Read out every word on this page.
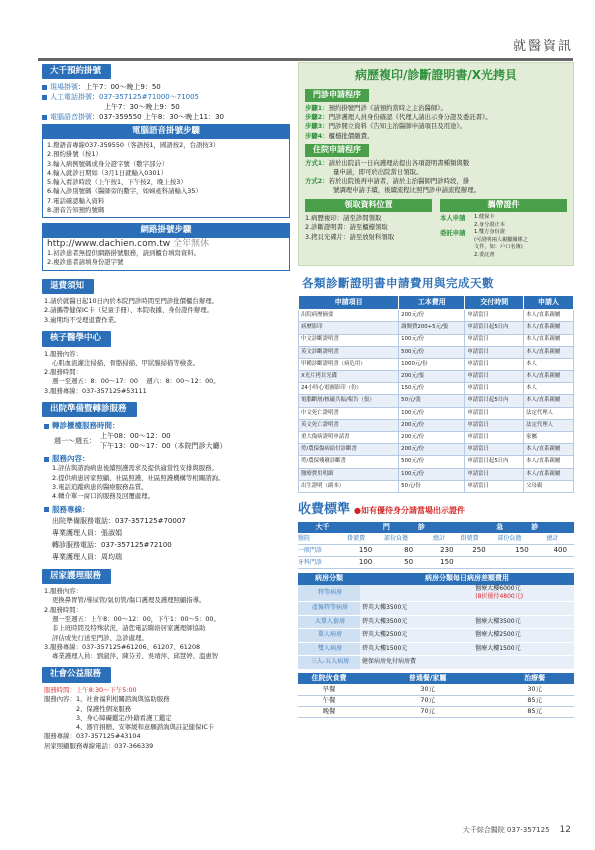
就醫資訊
大千預約掛號
現場掛號：上午7：00～晚上9：50
人工電話掛號：037-357125#71000～71005
上午7：30～晚上9：50
電腦語音掛號：037-359550 上午8：30～晚上11：30
電腦語音掛號步驟
1.撥語音專線037-359550（客語按1，國語按2，台語按3）
2.預約掛號（按1）
3.輸入病例號碼或身分證字號（數字部分）
4.輸入就診日期如（3月1日就輸入0301）
5.輸入看診時段（上午按1，下午按2，晚上按3）
6.輸入診別號碼（醫師旁的數字，如婦產科請輸入35）
7.電話確認輸入資料
8.語音告知預約號碼
網路掛號步驟
http://www.dachien.com.tw 全年無休
1.初診患者無提供網路掛號服務，請到櫃台填寫資料。
2.複診患者請填身份證字號
退費須知
1.請於就醫日起10日內於本院門診時間至門診批價櫃台辦理。
2.請攜帶健保IC卡（兒童手冊）、本院收據、身份證件辦理。
3.逾期均不受理退費作業。
核子醫學中心
1.服務內容：
心肌血流灌注掃描、骨骼掃描、甲狀腺掃描等檢查。
2.服務時間：
週一至週五：8：00～17：00　 週六：8：00～12：00。
3.服務專線：037-357125#53111
出院準備暨轉診服務
轉診櫃檯服務時間：
週一～週五：
上午08：00～12：00
下午13：00～17：00（本院門診大廳）
服務內容：
1.評估與諮詢病患後續照護需求及提供適當性安排與服務。
2.提供病患居家照顧、社區照護、社區照護機構等相關諮詢。
3.電話追蹤病患的醫療服務品質。
4.轉介單一窗口的服務及回覆處理。
服務專線：
出院準備服務電話：037-357125#70007
專業護理人員：張淑娟
轉診服務電話：037-357125#72100
專業護理人員：周均瑞
居家護理服務
1.服務內容：
更換鼻胃管/導尿管/氣切管/傷口護理及護理照顧指導。
2.服務時間：
週一至週五：上午8：00～12：00，下午1：00～5：00。
非上班時間及特殊狀況，請您電話聯絡居家護理師協助
評估或先行送至門診、急診處理。
3.服務專線：037-357125#61206、61207、61208
專業護理人員：劉淑萍、陳芬芳、吳靖萍、邱慧婷、溫惠智
社會公益服務
服務時間：上午8:30～下午5:00
服務內容：1、社會福利相關諮詢與協助服務
　　　　　2、保護性個案服務
　　　　　3、身心障礙鑑定/外籍看護工鑑定
　　　　　4、器官捐贈、安寧緩和意願諮詢與註記健保IC卡
服務專線：037-357125#43104
居家照顧服務專線電話：037-366339
病歷複印/診斷證明書/X光拷貝
門診申請程序
步驟1：預約掛號門診《請預約當時之主治醫師》。
步驟2：門診護理人員身份確認《代理人請出示身分證及委託書》。
步驟3：門診開立資料《告知主治醫師申請項目及用途》。
步驟4：櫃檯批價繳費。
住院申請程序
方式1：請於出院前一日向護理站提出各項證明書種類與數
量申請，即可於出院當日領取。
方式2：若於出院後再申請者，請於主治醫師門診時段，掛
號調理申請手續，後續流程比照門診申請流程辦理。
領取資料位置
1.病歷複印：請至診間領取
2.診斷證明書：請至櫃檯領取
3.拷貝光碟片：請至放射科領取
攜帶證件
本人申請	1.健保卡
2.身分證正本
委託申請	1.雙方身份證
(可證明兩人親屬關係之
文件，如：戶口名簿)
2.委託書
各類診斷證明書申請費用與完成天數
申請項目	工本費用	交付時間	申請人
出院病歷摘要	200元/份	申請當日	本人/直系親屬
病歷影印	調閱費200+5元/張	申請當日起5日內	本人/直系親屬
中文診斷證明書	100元/份	申請當日	本人/直系親屬
英文診斷證明書	500元/份	申請當日	本人/直系親屬
甲種診斷證明書（病危用）	1000元/份	申請當日	本人
X光片拷貝光碟	200元/張	申請當日	本人/直系親屬
24小時心電圖影印（份）	150元/份	申請當日	本人
電腦斷層/核磁共振/報告（張）	50元/張	申請當日起5日內	本人/直系親屬
中文死亡證明書	100元/份	申請當日	法定代理人
英文死亡證明書	200元/份	申請當日	法定代理人
重大傷病證明申請書	200元/份	申請當日	家屬
勞/農保傷病給付診斷書	200元/份	申請當日	本人/直系親屬
勞/農保殘廢診斷書	500元/份	申請當日起5日內	本人/直系親屬
醫療費用明細	100元/份	申請當日	本人/直系親屬
出生證明（副本）	50元/份	申請當日	父母親
收費標準 ●如有優待身分請當場出示證件
大千	門　　　　 診			急　　　　 診		
醫院	掛號費	部份負擔	總計	掛號費	部份負擔	總計
一般門診	150	80	230	250	150	400
牙科門診	100	50	150			
病房分類	病房分類每日病房差額費用	
特等病房		醫療大樓6000元
(8折優待4800元)

產後特等病房	碧英大樓3500元	

大單人套房	碧英大樓3500元	醫療大樓3500元

單人病房	碧英大樓2500元	醫療大樓2500元

雙人病房	碧英大樓1500元	醫療大樓1500元

三人-五人病房	健保病房免付病房費	
住院伙食費	普通餐/家屬	治療餐
早餐	30元	30元
午餐	70元	85元
晚餐	70元	85元
大千綜合醫院 037-357125 12
